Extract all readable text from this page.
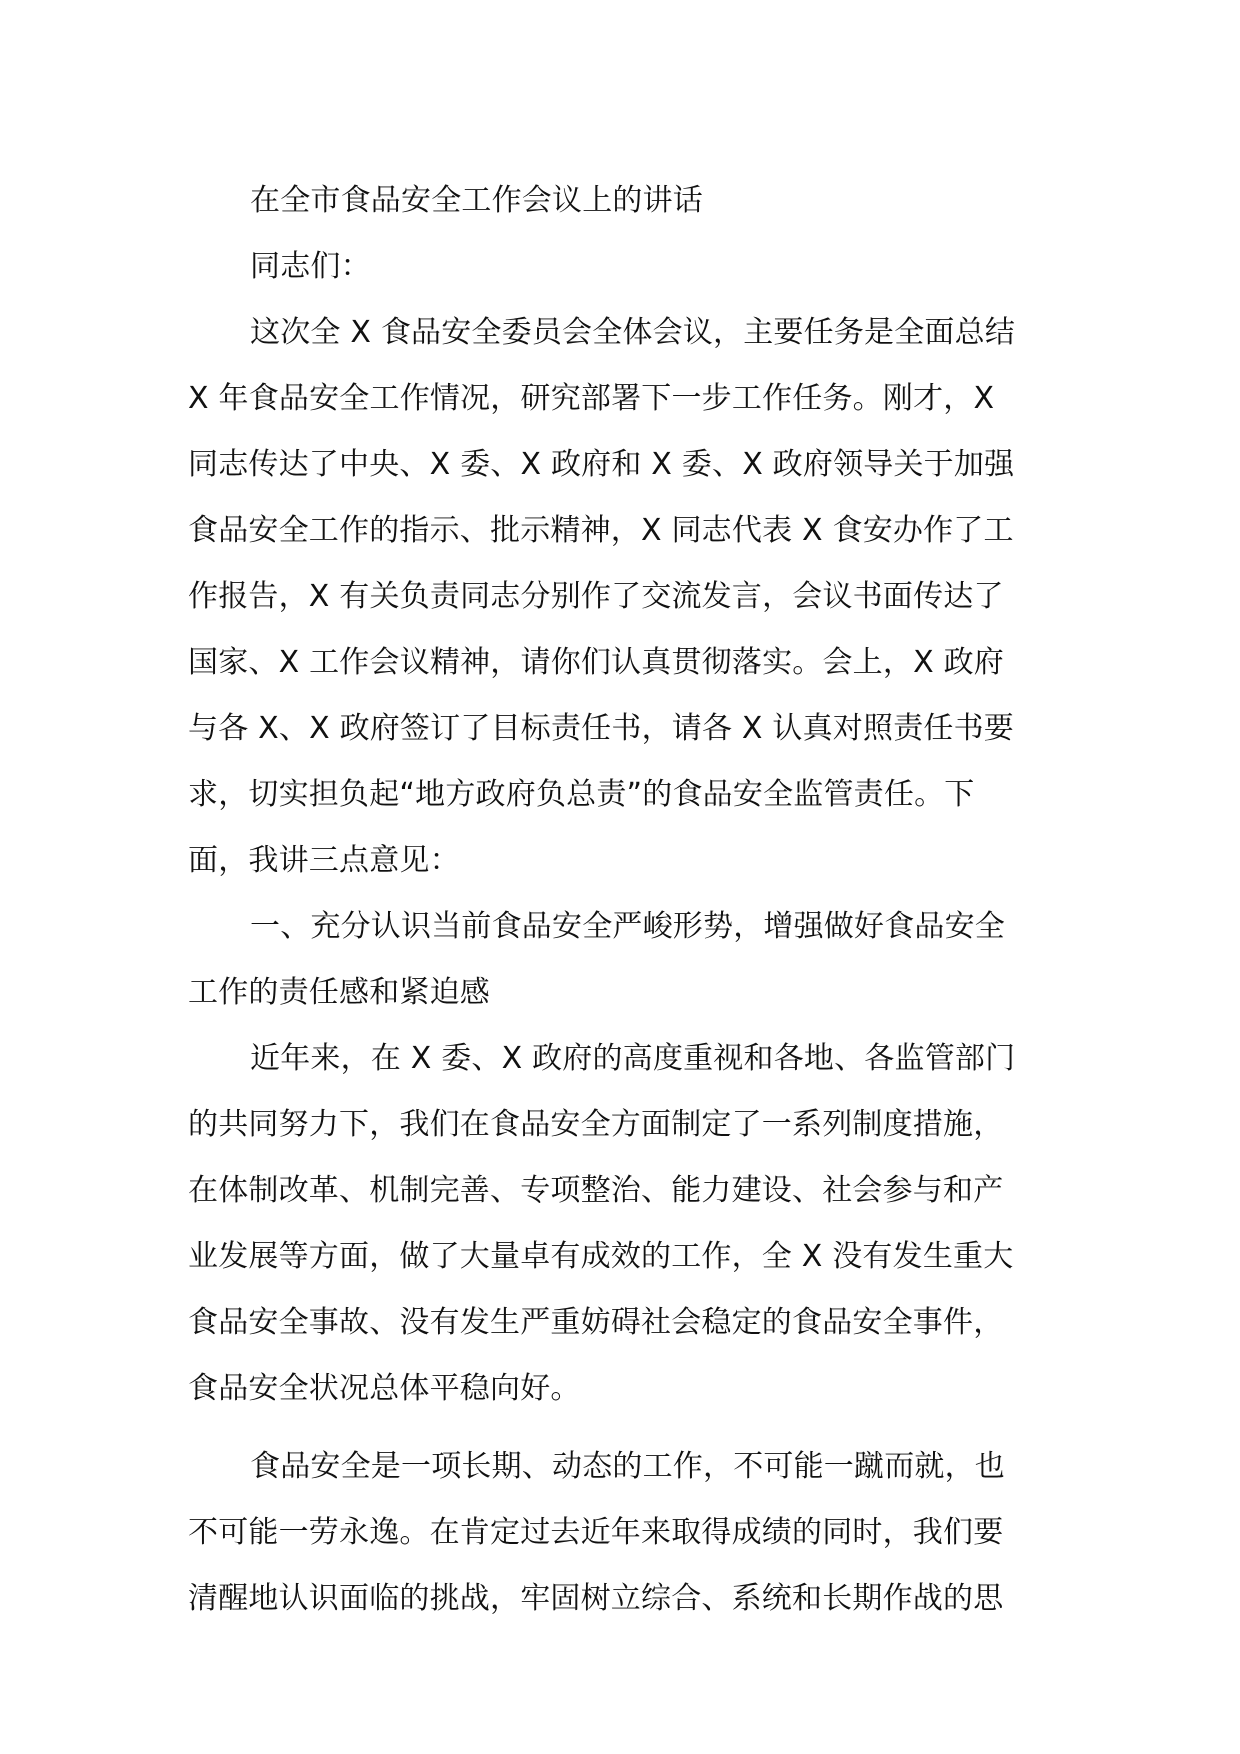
在全市食品安全工作会议上的讲话
同志们：
这次全 X 食品安全委员会全体会议，主要任务是全面总结
X 年食品安全工作情况，研究部署下一步工作任务。刚才，X
同志传达了中央、X 委、X 政府和 X 委、X 政府领导关于加强
食品安全工作的指示、批示精神，X 同志代表 X 食安办作了工
作报告，X 有关负责同志分别作了交流发言，会议书面传达了
国家、X 工作会议精神，请你们认真贯彻落实。会上，X 政府
与各 X、X 政府签订了目标责任书，请各 X 认真对照责任书要
求，切实担负起“地方政府负总责”的食品安全监管责任。下
面，我讲三点意见：
一、充分认识当前食品安全严峻形势，增强做好食品安全
工作的责任感和紧迫感
近年来，在 X 委、X 政府的高度重视和各地、各监管部门
的共同努力下，我们在食品安全方面制定了一系列制度措施，
在体制改革、机制完善、专项整治、能力建设、社会参与和产
业发展等方面，做了大量卓有成效的工作，全 X 没有发生重大
食品安全事故、没有发生严重妨碍社会稳定的食品安全事件，
食品安全状况总体平稳向好。
食品安全是一项长期、动态的工作，不可能一蹴而就，也
不可能一劳永逸。在肯定过去近年来取得成绩的同时，我们要
清醒地认识面临的挑战，牢固树立综合、系统和长期作战的思
